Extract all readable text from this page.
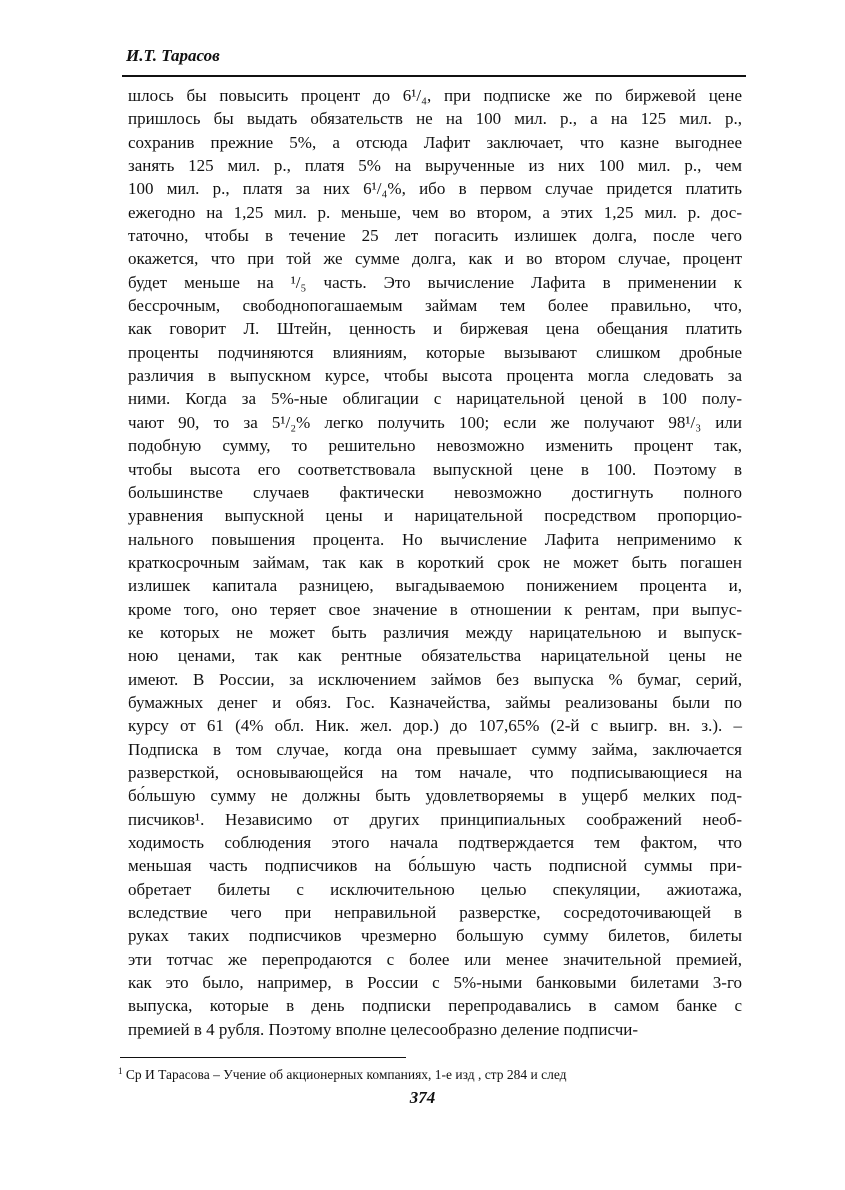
И.Т. Тарасов
шлось бы повысить процент до 6¹/₄, при подписке же по биржевой цене
пришлось бы выдать обязательств не на 100 мил. р., а на 125 мил. р.,
сохранив прежние 5%, а отсюда Лафит заключает, что казне выгоднее
занять 125 мил. р., платя 5% на вырученные из них 100 мил. р., чем
100 мил. р., платя за них 6¹/₄%, ибо в первом случае придется платить
ежегодно на 1,25 мил. р. меньше, чем во втором, а этих 1,25 мил. р. дос-
таточно, чтобы в течение 25 лет погасить излишек долга, после чего
окажется, что при той же сумме долга, как и во втором случае, процент
будет меньше на ¹/₅ часть. Это вычисление Лафита в применении к
бессрочным, свободнопогашаемым займам тем более правильно, что,
как говорит Л. Штейн, ценность и биржевая цена обещания платить
проценты подчиняются влияниям, которые вызывают слишком дробные
различия в выпускном курсе, чтобы высота процента могла следовать за
ними. Когда за 5%-ные облигации с нарицательной ценой в 100 полу-
чают 90, то за 5¹/₂% легко получить 100; если же получают 98¹/₃ или
подобную сумму, то решительно невозможно изменить процент так,
чтобы высота его соответствовала выпускной цене в 100. Поэтому в
большинстве случаев фактически невозможно достигнуть полного
уравнения выпускной цены и нарицательной посредством пропорцио-
нального повышения процента. Но вычисление Лафита неприменимо к
краткосрочным займам, так как в короткий срок не может быть погашен
излишек капитала разницею, выгадываемою понижением процента и,
кроме того, оно теряет свое значение в отношении к рентам, при выпус-
ке которых не может быть различия между нарицательною и выпуск-
ною ценами, так как рентные обязательства нарицательной цены не
имеют. В России, за исключением займов без выпуска % бумаг, серий,
бумажных денег и обяз. Гос. Казначейства, займы реализованы были по
курсу от 61 (4% обл. Ник. жел. дор.) до 107,65% (2-й с выигр. вн. з.). –
Подписка в том случае, когда она превышает сумму займа, заключается
разверсткой, основывающейся на том начале, что подписывающиеся на
бо́льшую сумму не должны быть удовлетворяемы в ущерб мелких под-
писчиков¹. Независимо от других принципиальных соображений необ-
ходимость соблюдения этого начала подтверждается тем фактом, что
меньшая часть подписчиков на бо́льшую часть подписной суммы при-
обретает билеты с исключительною целью спекуляции, ажиотажа,
вследствие чего при неправильной разверстке, сосредоточивающей в
руках таких подписчиков чрезмерно большую сумму билетов, билеты
эти тотчас же перепродаются с более или менее значительной премией,
как это было, например, в России с 5%-ными банковыми билетами 3-го
выпуска, которые в день подписки перепродавались в самом банке с
премией в 4 рубля. Поэтому вполне целесообразно деление подписчи-
$^1$ Ср И Тарасова – Учение об акционерных компаниях, 1-е изд , стр 284 и след
374
